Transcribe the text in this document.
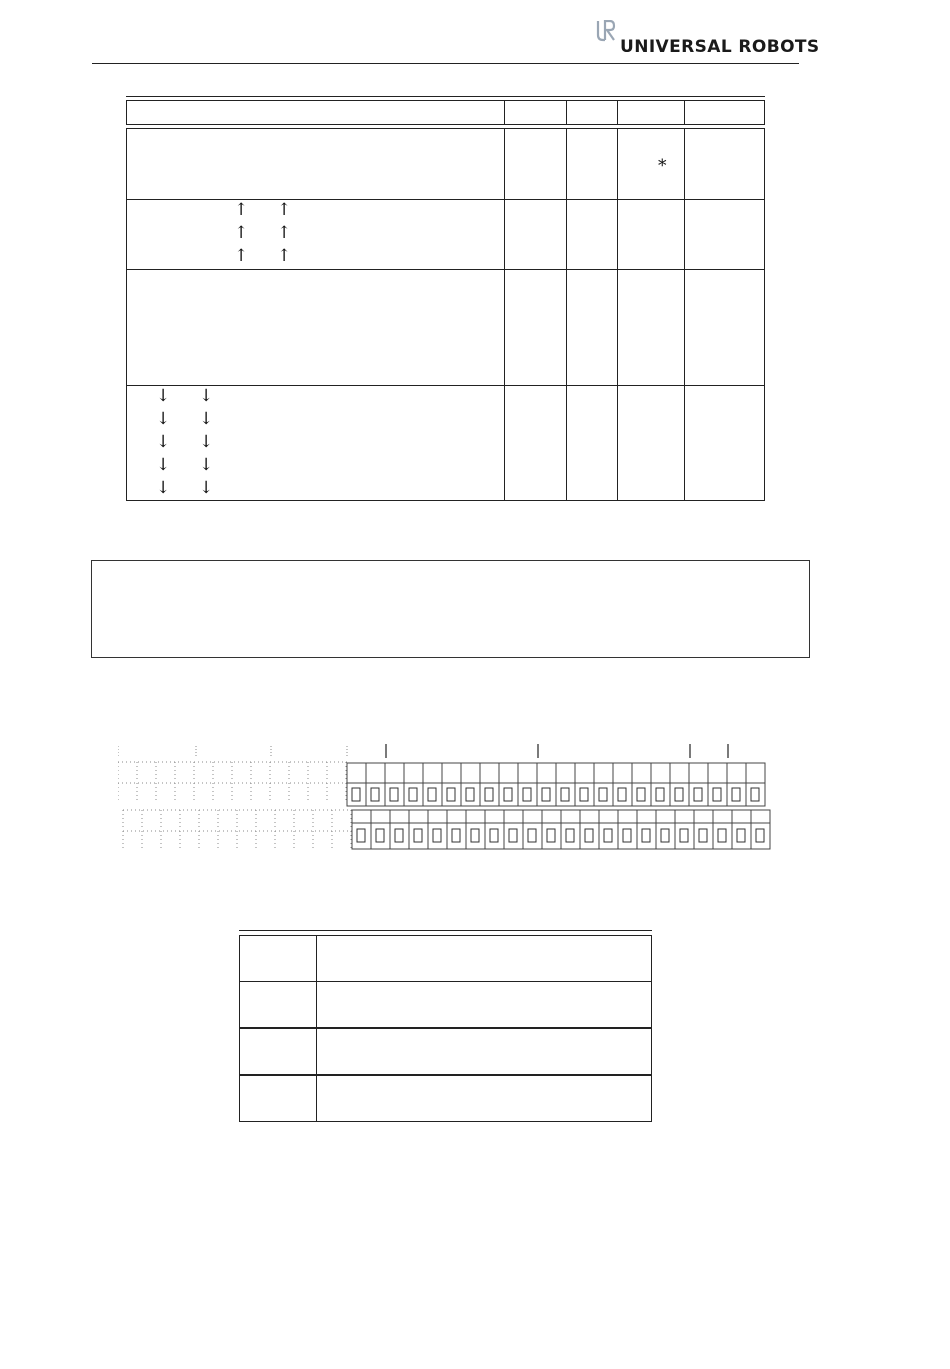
UNIVERSAL ROBOTS
*
↑ ↑
↑ ↑
↑ ↑
↓ ↓
↓ ↓
↓ ↓
↓ ↓
↓ ↓
